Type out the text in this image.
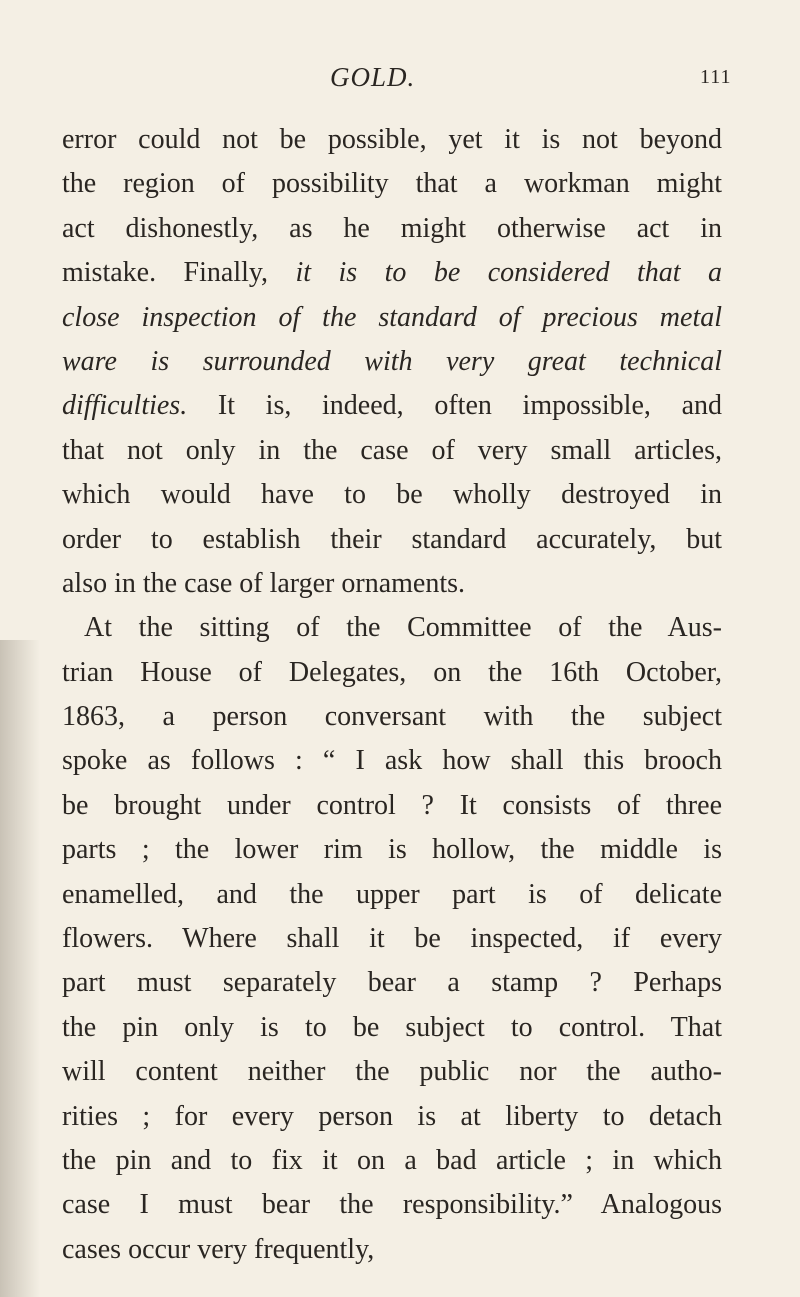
GOLD.	111
error could not be possible, yet it is not beyond
the region of possibility that a workman might
act dishonestly, as he might otherwise act in
mistake. Finally, it is to be considered that a
close inspection of the standard of precious metal
ware is surrounded with very great technical
difficulties. It is, indeed, often impossible, and
that not only in the case of very small articles,
which would have to be wholly destroyed in
order to establish their standard accurately, but
also in the case of larger ornaments.
At the sitting of the Committee of the Aus-
trian House of Delegates, on the 16th October,
1863, a person conversant with the subject
spoke as follows : “ I ask how shall this brooch
be brought under control ? It consists of three
parts ; the lower rim is hollow, the middle is
enamelled, and the upper part is of delicate
flowers. Where shall it be inspected, if every
part must separately bear a stamp ? Perhaps
the pin only is to be subject to control. That
will content neither the public nor the autho-
rities ; for every person is at liberty to detach
the pin and to fix it on a bad article ; in which
case I must bear the responsibility.” Analogous
cases occur very frequently,
